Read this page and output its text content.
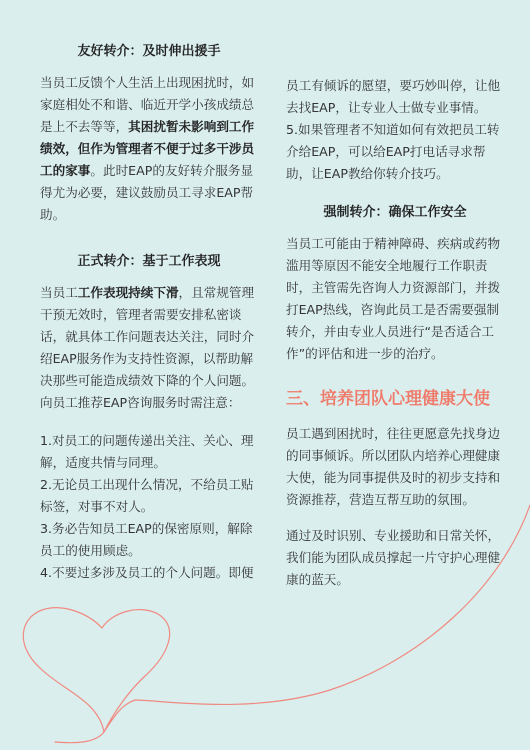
友好转介：及时伸出援手

当员工反馈个人生活上出现困扰时，如家庭相处不和谐、临近开学小孩成绩总是上不去等等，其困扰暂未影响到工作绩效，但作为管理者不便于过多干涉员工的家事。此时EAP的友好转介服务显得尤为必要，建议鼓励员工寻求EAP帮助。

正式转介：基于工作表现

当员工工作表现持续下滑，且常规管理干预无效时，管理者需要安排私密谈话，就具体工作问题表达关注，同时介绍EAP服务作为支持性资源，以帮助解决那些可能造成绩效下降的个人问题。

向员工推荐EAP咨询服务时需注意：

1.对员工的问题传递出关注、关心、理解，适度共情与同理。
2.无论员工出现什么情况，不给员工贴标签，对事不对人。
3.务必告知员工EAP的保密原则，解除员工的使用顾虑。
4.不要过多涉及员工的个人问题。即便

员工有倾诉的愿望，要巧妙叫停，让他去找EAP，让专业人士做专业事情。

5.如果管理者不知道如何有效把员工转介给EAP，可以给EAP打电话寻求帮助，让EAP教给你转介技巧。

强制转介：确保工作安全

当员工可能由于精神障碍、疾病或药物滥用等原因不能安全地履行工作职责时，主管需先咨询人力资源部门，并拨打EAP热线，咨询此员工是否需要强制转介，并由专业人员进行“是否适合工作”的评估和进一步的治疗。

三、培养团队心理健康大使

员工遇到困扰时，往往更愿意先找身边的同事倾诉。所以团队内培养心理健康大使，能为同事提供及时的初步支持和资源推荐，营造互帮互助的氛围。

通过及时识别、专业援助和日常关怀，我们能为团队成员撑起一片守护心理健康的蓝天。
